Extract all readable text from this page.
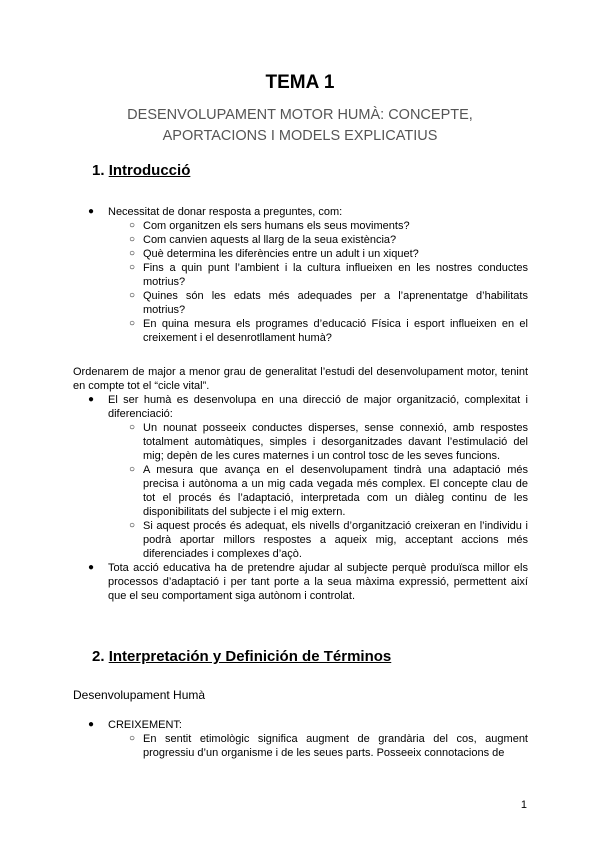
TEMA 1
DESENVOLUPAMENT MOTOR HUMÀ: CONCEPTE,
APORTACIONS I MODELS EXPLICATIUS
1. Introducció
● Necessitat de donar resposta a preguntes, com:
○ Com organitzen els sers humans els seus moviments?
○ Com canvien aquests al llarg de la seua existència?
○ Què determina les diferències entre un adult i un xiquet?
○ Fins a quin punt l’ambient i la cultura influeixen en les nostres conductes motrius?
○ Quines són les edats més adequades per a l’aprenentatge d’habilitats motrius?
○ En quina mesura els programes d’educació Física i esport influeixen en el creixement i el desenrotllament humà?

Ordenarem de major a menor grau de generalitat l’estudi del desenvolupament motor, tenint en compte tot el “cicle vital”.

● El ser humà es desenvolupa en una direcció de major organització, complexitat i diferenciació:
○ Un nounat posseeix conductes disperses, sense connexió, amb respostes totalment automàtiques, simples i desorganitzades davant l’estimulació del mig; depèn de les cures maternes i un control tosc de les seves funcions.
○ A mesura que avança en el desenvolupament tindrà una adaptació més precisa i autònoma a un mig cada vegada més complex. El concepte clau de tot el procés és l’adaptació, interpretada com un diàleg continu de les disponibilitats del subjecte i el mig extern.
○ Si aquest procés és adequat, els nivells d’organització creixeran en l’individu i podrà aportar millors respostes a aqueix mig, acceptant accions més diferenciades i complexes d’açò.
● Tota acció educativa ha de pretendre ajudar al subjecte perquè produïsca millor els processos d’adaptació i per tant porte a la seua màxima expressió, permettent així que el seu comportament siga autònom i controlat.
2. Interpretación y Definición de Términos

Desenvolupament Humà

● CREIXEMENT:
○ En sentit etimològic significa augment de grandària del cos, augment progressiu d’un organisme i de les seues parts. Posseeix connotacions de
1
